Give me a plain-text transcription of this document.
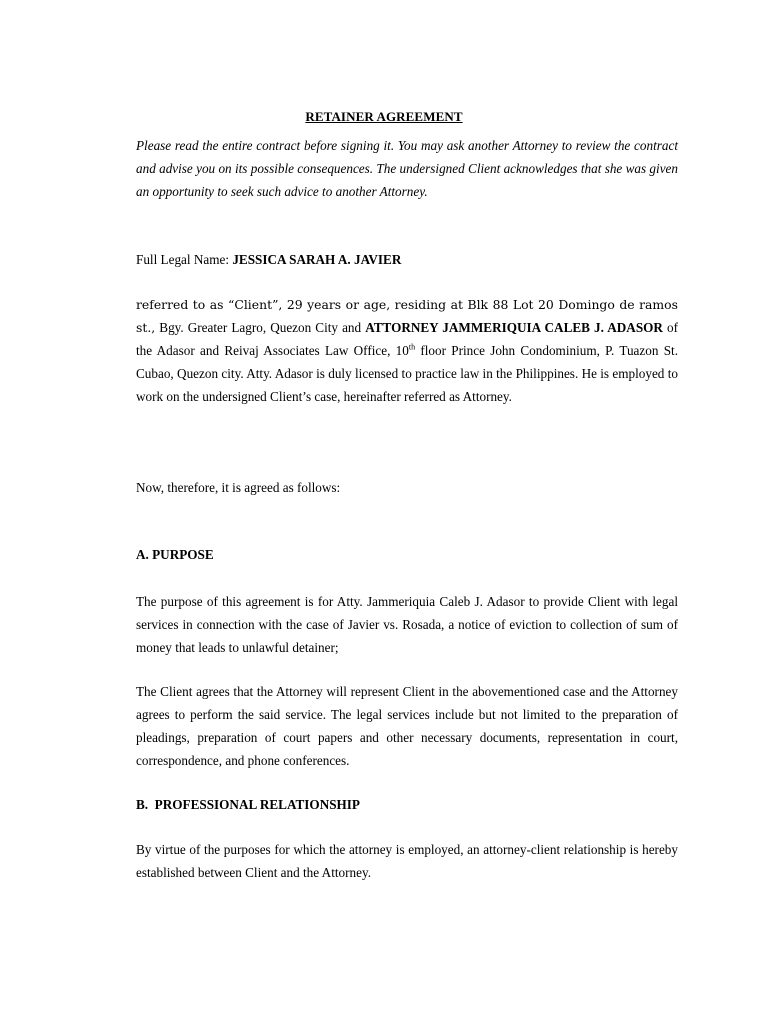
RETAINER AGREEMENT
Please read the entire contract before signing it. You may ask another Attorney to review the contract and advise you on its possible consequences. The undersigned Client acknowledges that she was given an opportunity to seek such advice to another Attorney.
Full Legal Name: JESSICA SARAH A. JAVIER
referred to as “Client”, 29 years or age, residing at Blk 88 Lot 20 Domingo de ramos st., Bgy. Greater Lagro, Quezon City and ATTORNEY JAMMERIQUIA CALEB J. ADASOR of the Adasor and Reivaj Associates Law Office, 10th floor Prince John Condominium, P. Tuazon St. Cubao, Quezon city. Atty. Adasor is duly licensed to practice law in the Philippines. He is employed to work on the undersigned Client’s case, hereinafter referred as Attorney.
Now, therefore, it is agreed as follows:
A. PURPOSE
The purpose of this agreement is for Atty. Jammeriquia Caleb J. Adasor to provide Client with legal services in connection with the case of Javier vs. Rosada, a notice of eviction to collection of sum of money that leads to unlawful detainer;
The Client agrees that the Attorney will represent Client in the abovementioned case and the Attorney agrees to perform the said service. The legal services include but not limited to the preparation of pleadings, preparation of court papers and other necessary documents, representation in court, correspondence, and phone conferences.
B.  PROFESSIONAL RELATIONSHIP
By virtue of the purposes for which the attorney is employed, an attorney-client relationship is hereby established between Client and the Attorney.
